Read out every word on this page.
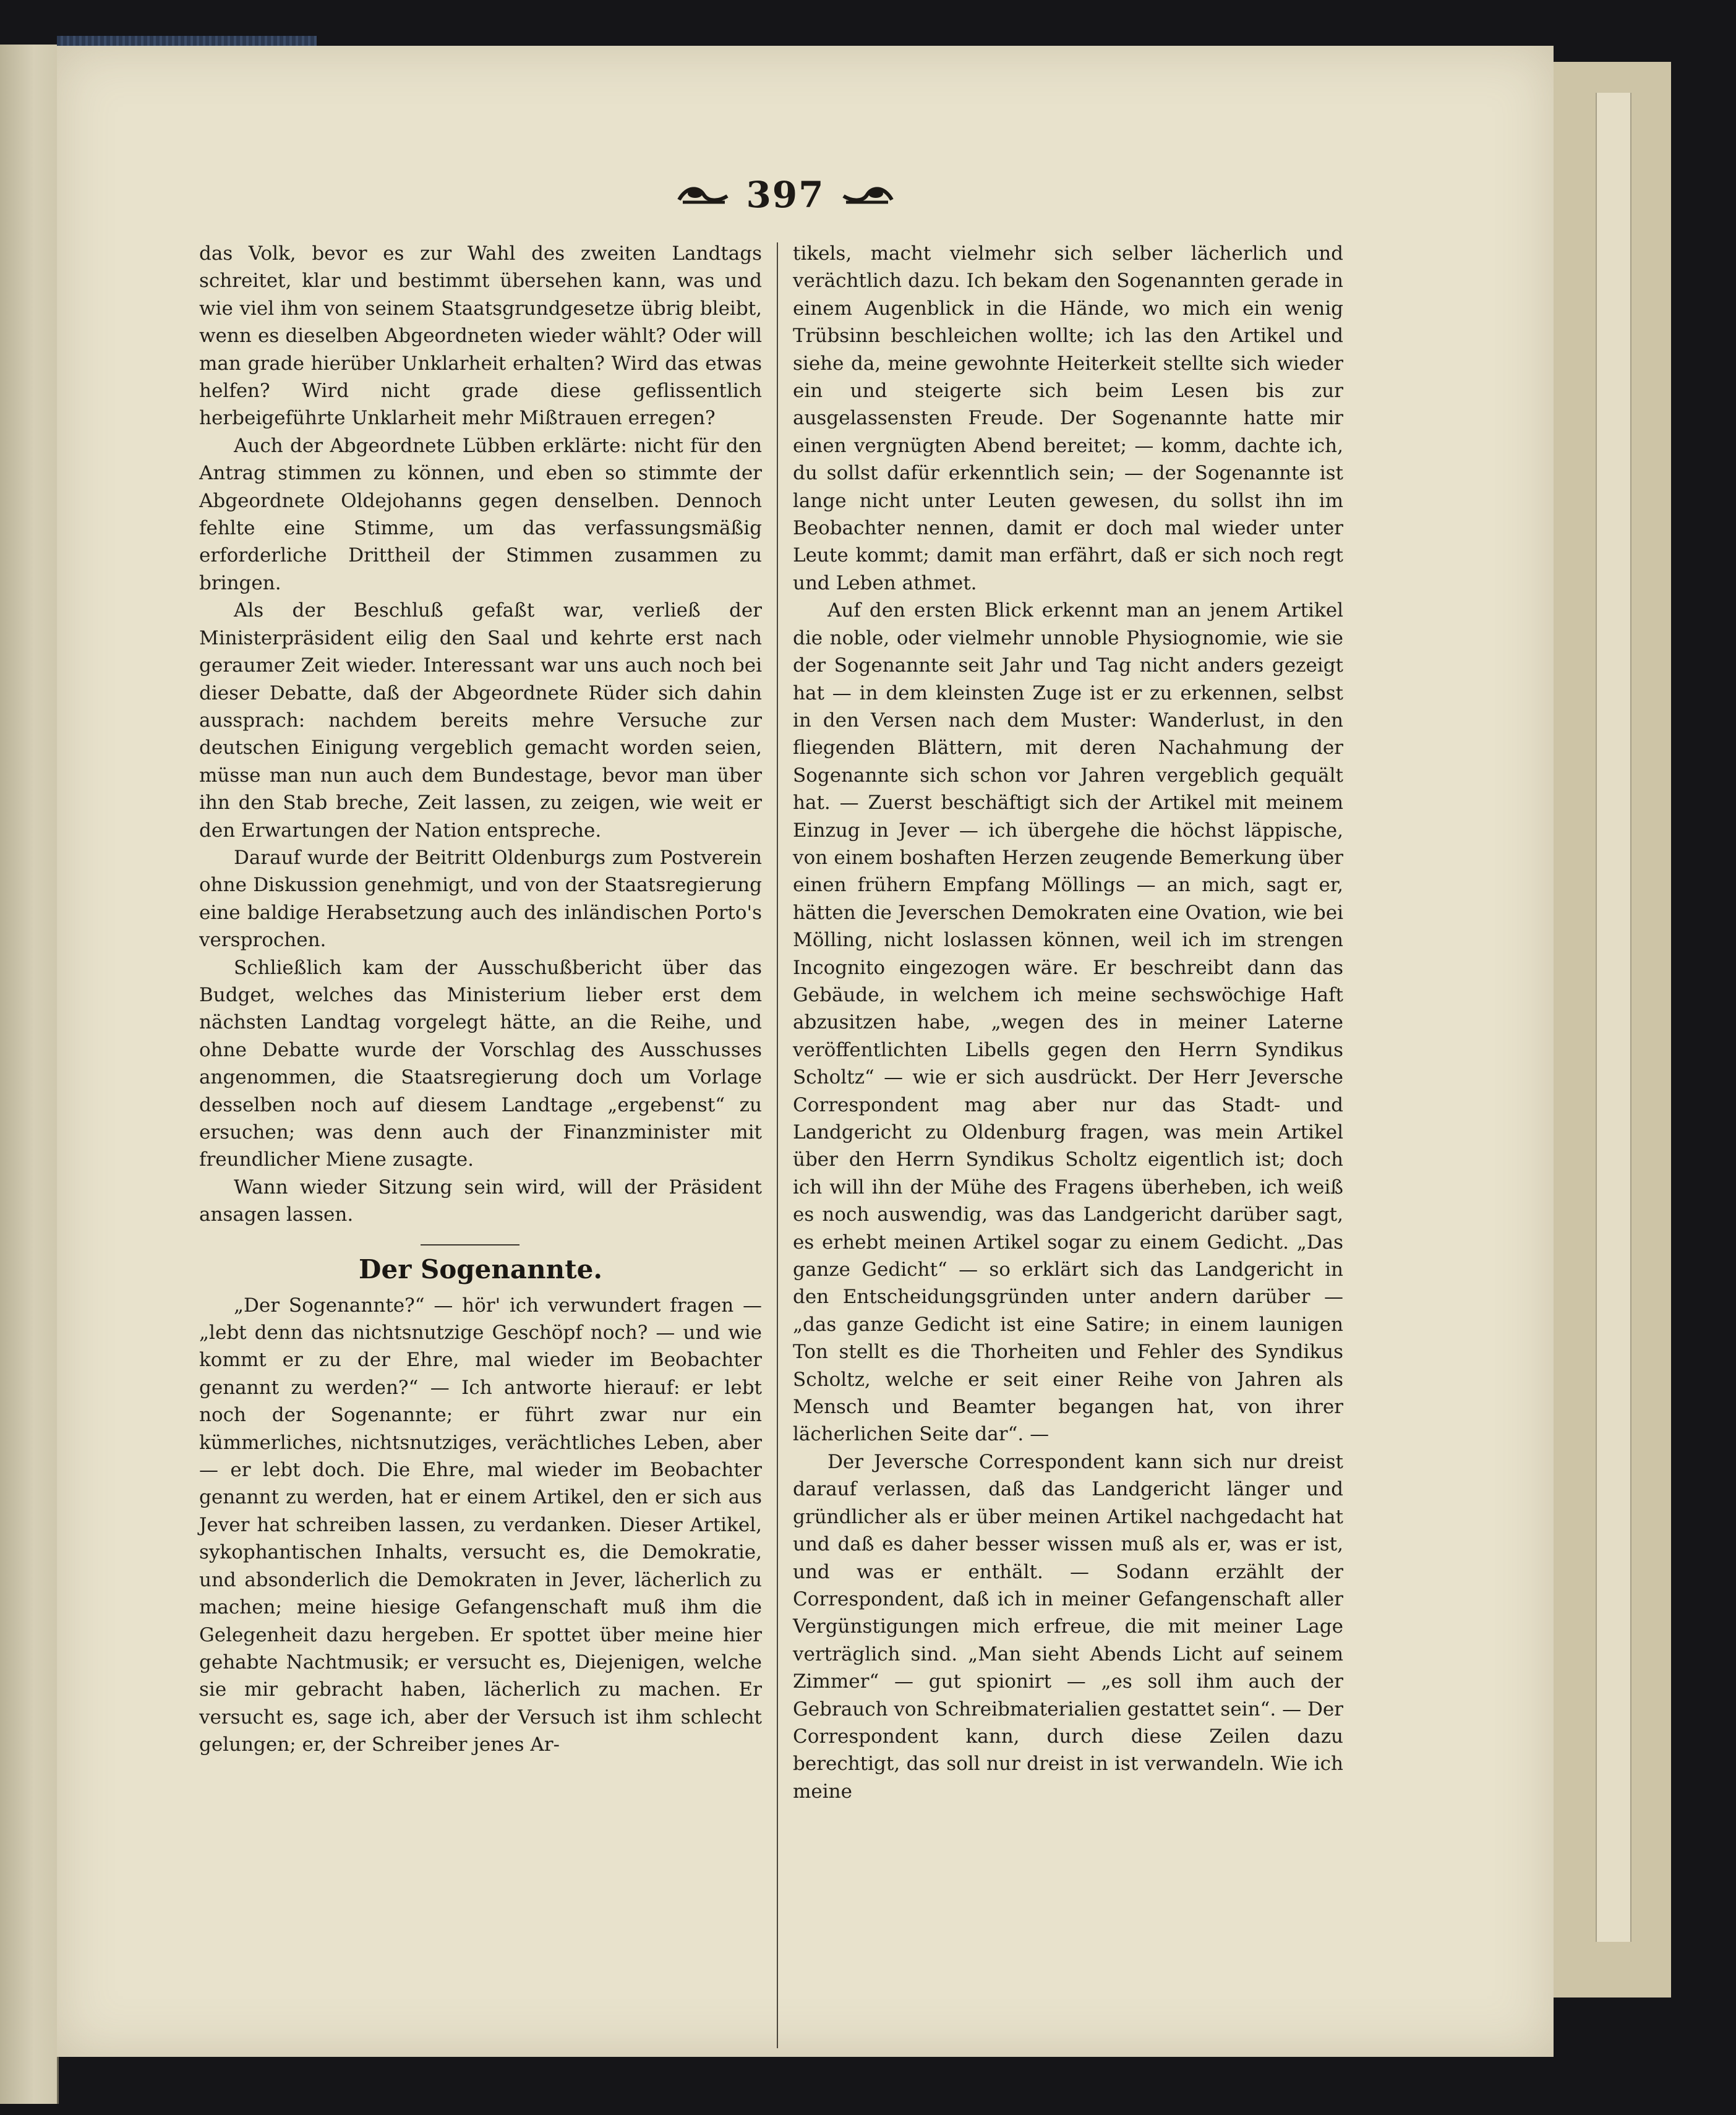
397

das Volk, bevor es zur Wahl des zweiten Landtags schreitet, klar und bestimmt übersehen kann, was und wie viel ihm von seinem Staatsgrundgesetze übrig bleibt, wenn es dieselben Abgeordneten wieder wählt? Oder will man grade hierüber Unklarheit erhalten? Wird das etwas helfen? Wird nicht grade diese geflissentlich herbeigeführte Unklarheit mehr Mißtrauen erregen?

Auch der Abgeordnete Lübben erklärte: nicht für den Antrag stimmen zu können, und eben so stimmte der Abgeordnete Oldejohanns gegen denselben. Dennoch fehlte eine Stimme, um das verfassungsmäßig erforderliche Drittheil der Stimmen zusammen zu bringen.

Als der Beschluß gefaßt war, verließ der Ministerpräsident eilig den Saal und kehrte erst nach geraumer Zeit wieder. Interessant war uns auch noch bei dieser Debatte, daß der Abgeordnete Rüder sich dahin aussprach: nachdem bereits mehre Versuche zur deutschen Einigung vergeblich gemacht worden seien, müsse man nun auch dem Bundestage, bevor man über ihn den Stab breche, Zeit lassen, zu zeigen, wie weit er den Erwartungen der Nation entspreche.

Darauf wurde der Beitritt Oldenburgs zum Postverein ohne Diskussion genehmigt, und von der Staatsregierung eine baldige Herabsetzung auch des inländischen Porto's versprochen.

Schließlich kam der Ausschußbericht über das Budget, welches das Ministerium lieber erst dem nächsten Landtag vorgelegt hätte, an die Reihe, und ohne Debatte wurde der Vorschlag des Ausschusses angenommen, die Staatsregierung doch um Vorlage desselben noch auf diesem Landtage „ergebenst“ zu ersuchen; was denn auch der Finanzminister mit freundlicher Miene zusagte.

Wann wieder Sitzung sein wird, will der Präsident ansagen lassen.

Der Sogenannte.

„Der Sogenannte?“ — hör' ich verwundert fragen — „lebt denn das nichtsnutzige Geschöpf noch? — und wie kommt er zu der Ehre, mal wieder im Beobachter genannt zu werden?“ — Ich antworte hierauf: er lebt noch der Sogenannte; er führt zwar nur ein kümmerliches, nichtsnutziges, verächtliches Leben, aber — er lebt doch. Die Ehre, mal wieder im Beobachter genannt zu werden, hat er einem Artikel, den er sich aus Jever hat schreiben lassen, zu verdanken. Dieser Artikel, sykophantischen Inhalts, versucht es, die Demokratie, und absonderlich die Demokraten in Jever, lächerlich zu machen; meine hiesige Gefangenschaft muß ihm die Gelegenheit dazu hergeben. Er spottet über meine hier gehabte Nachtmusik; er versucht es, Diejenigen, welche sie mir gebracht haben, lächerlich zu machen. Er versucht es, sage ich, aber der Versuch ist ihm schlecht gelungen; er, der Schreiber jenes Ar-

tikels, macht vielmehr sich selber lächerlich und verächtlich dazu. Ich bekam den Sogenannten gerade in einem Augenblick in die Hände, wo mich ein wenig Trübsinn beschleichen wollte; ich las den Artikel und siehe da, meine gewohnte Heiterkeit stellte sich wieder ein und steigerte sich beim Lesen bis zur ausgelassensten Freude. Der Sogenannte hatte mir einen vergnügten Abend bereitet; — komm, dachte ich, du sollst dafür erkenntlich sein; — der Sogenannte ist lange nicht unter Leuten gewesen, du sollst ihn im Beobachter nennen, damit er doch mal wieder unter Leute kommt; damit man erfährt, daß er sich noch regt und Leben athmet.

Auf den ersten Blick erkennt man an jenem Artikel die noble, oder vielmehr unnoble Physiognomie, wie sie der Sogenannte seit Jahr und Tag nicht anders gezeigt hat — in dem kleinsten Zuge ist er zu erkennen, selbst in den Versen nach dem Muster: Wanderlust, in den fliegenden Blättern, mit deren Nachahmung der Sogenannte sich schon vor Jahren vergeblich gequält hat. — Zuerst beschäftigt sich der Artikel mit meinem Einzug in Jever — ich übergehe die höchst läppische, von einem boshaften Herzen zeugende Bemerkung über einen frühern Empfang Möllings — an mich, sagt er, hätten die Jeverschen Demokraten eine Ovation, wie bei Mölling, nicht loslassen können, weil ich im strengen Incognito eingezogen wäre. Er beschreibt dann das Gebäude, in welchem ich meine sechswöchige Haft abzusitzen habe, „wegen des in meiner Laterne veröffentlichten Libells gegen den Herrn Syndikus Scholtz“ — wie er sich ausdrückt. Der Herr Jeversche Correspondent mag aber nur das Stadt- und Landgericht zu Oldenburg fragen, was mein Artikel über den Herrn Syndikus Scholtz eigentlich ist; doch ich will ihn der Mühe des Fragens überheben, ich weiß es noch auswendig, was das Landgericht darüber sagt, es erhebt meinen Artikel sogar zu einem Gedicht. „Das ganze Gedicht“ — so erklärt sich das Landgericht in den Entscheidungsgründen unter andern darüber — „das ganze Gedicht ist eine Satire; in einem launigen Ton stellt es die Thorheiten und Fehler des Syndikus Scholtz, welche er seit einer Reihe von Jahren als Mensch und Beamter begangen hat, von ihrer lächerlichen Seite dar“. —

Der Jeversche Correspondent kann sich nur dreist darauf verlassen, daß das Landgericht länger und gründlicher als er über meinen Artikel nachgedacht hat und daß es daher besser wissen muß als er, was er ist, und was er enthält. — Sodann erzählt der Correspondent, daß ich in meiner Gefangenschaft aller Vergünstigungen mich erfreue, die mit meiner Lage verträglich sind. „Man sieht Abends Licht auf seinem Zimmer“ — gut spionirt — „es soll ihm auch der Gebrauch von Schreibmaterialien gestattet sein“. — Der Correspondent kann, durch diese Zeilen dazu berechtigt, das soll nur dreist in ist verwandeln. Wie ich meine
